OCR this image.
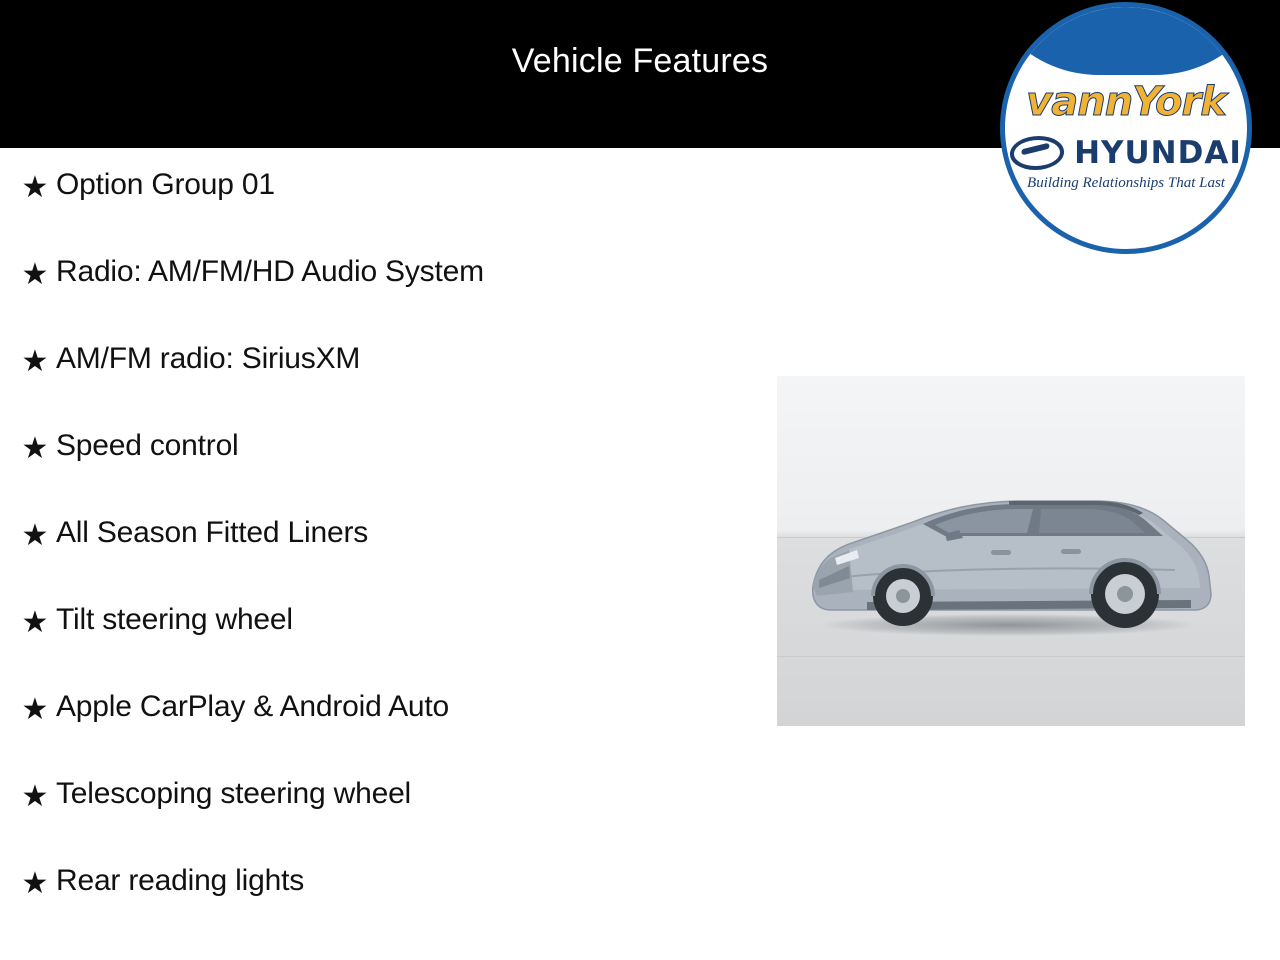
Vehicle Features
vannYork
HYUNDAI
Building Relationships That Last
★ Option Group 01
★ Radio: AM/FM/HD Audio System
★ AM/FM radio: SiriusXM
★ Speed control
★ All Season Fitted Liners
★ Tilt steering wheel
★ Apple CarPlay & Android Auto
★ Telescoping steering wheel
★ Rear reading lights
